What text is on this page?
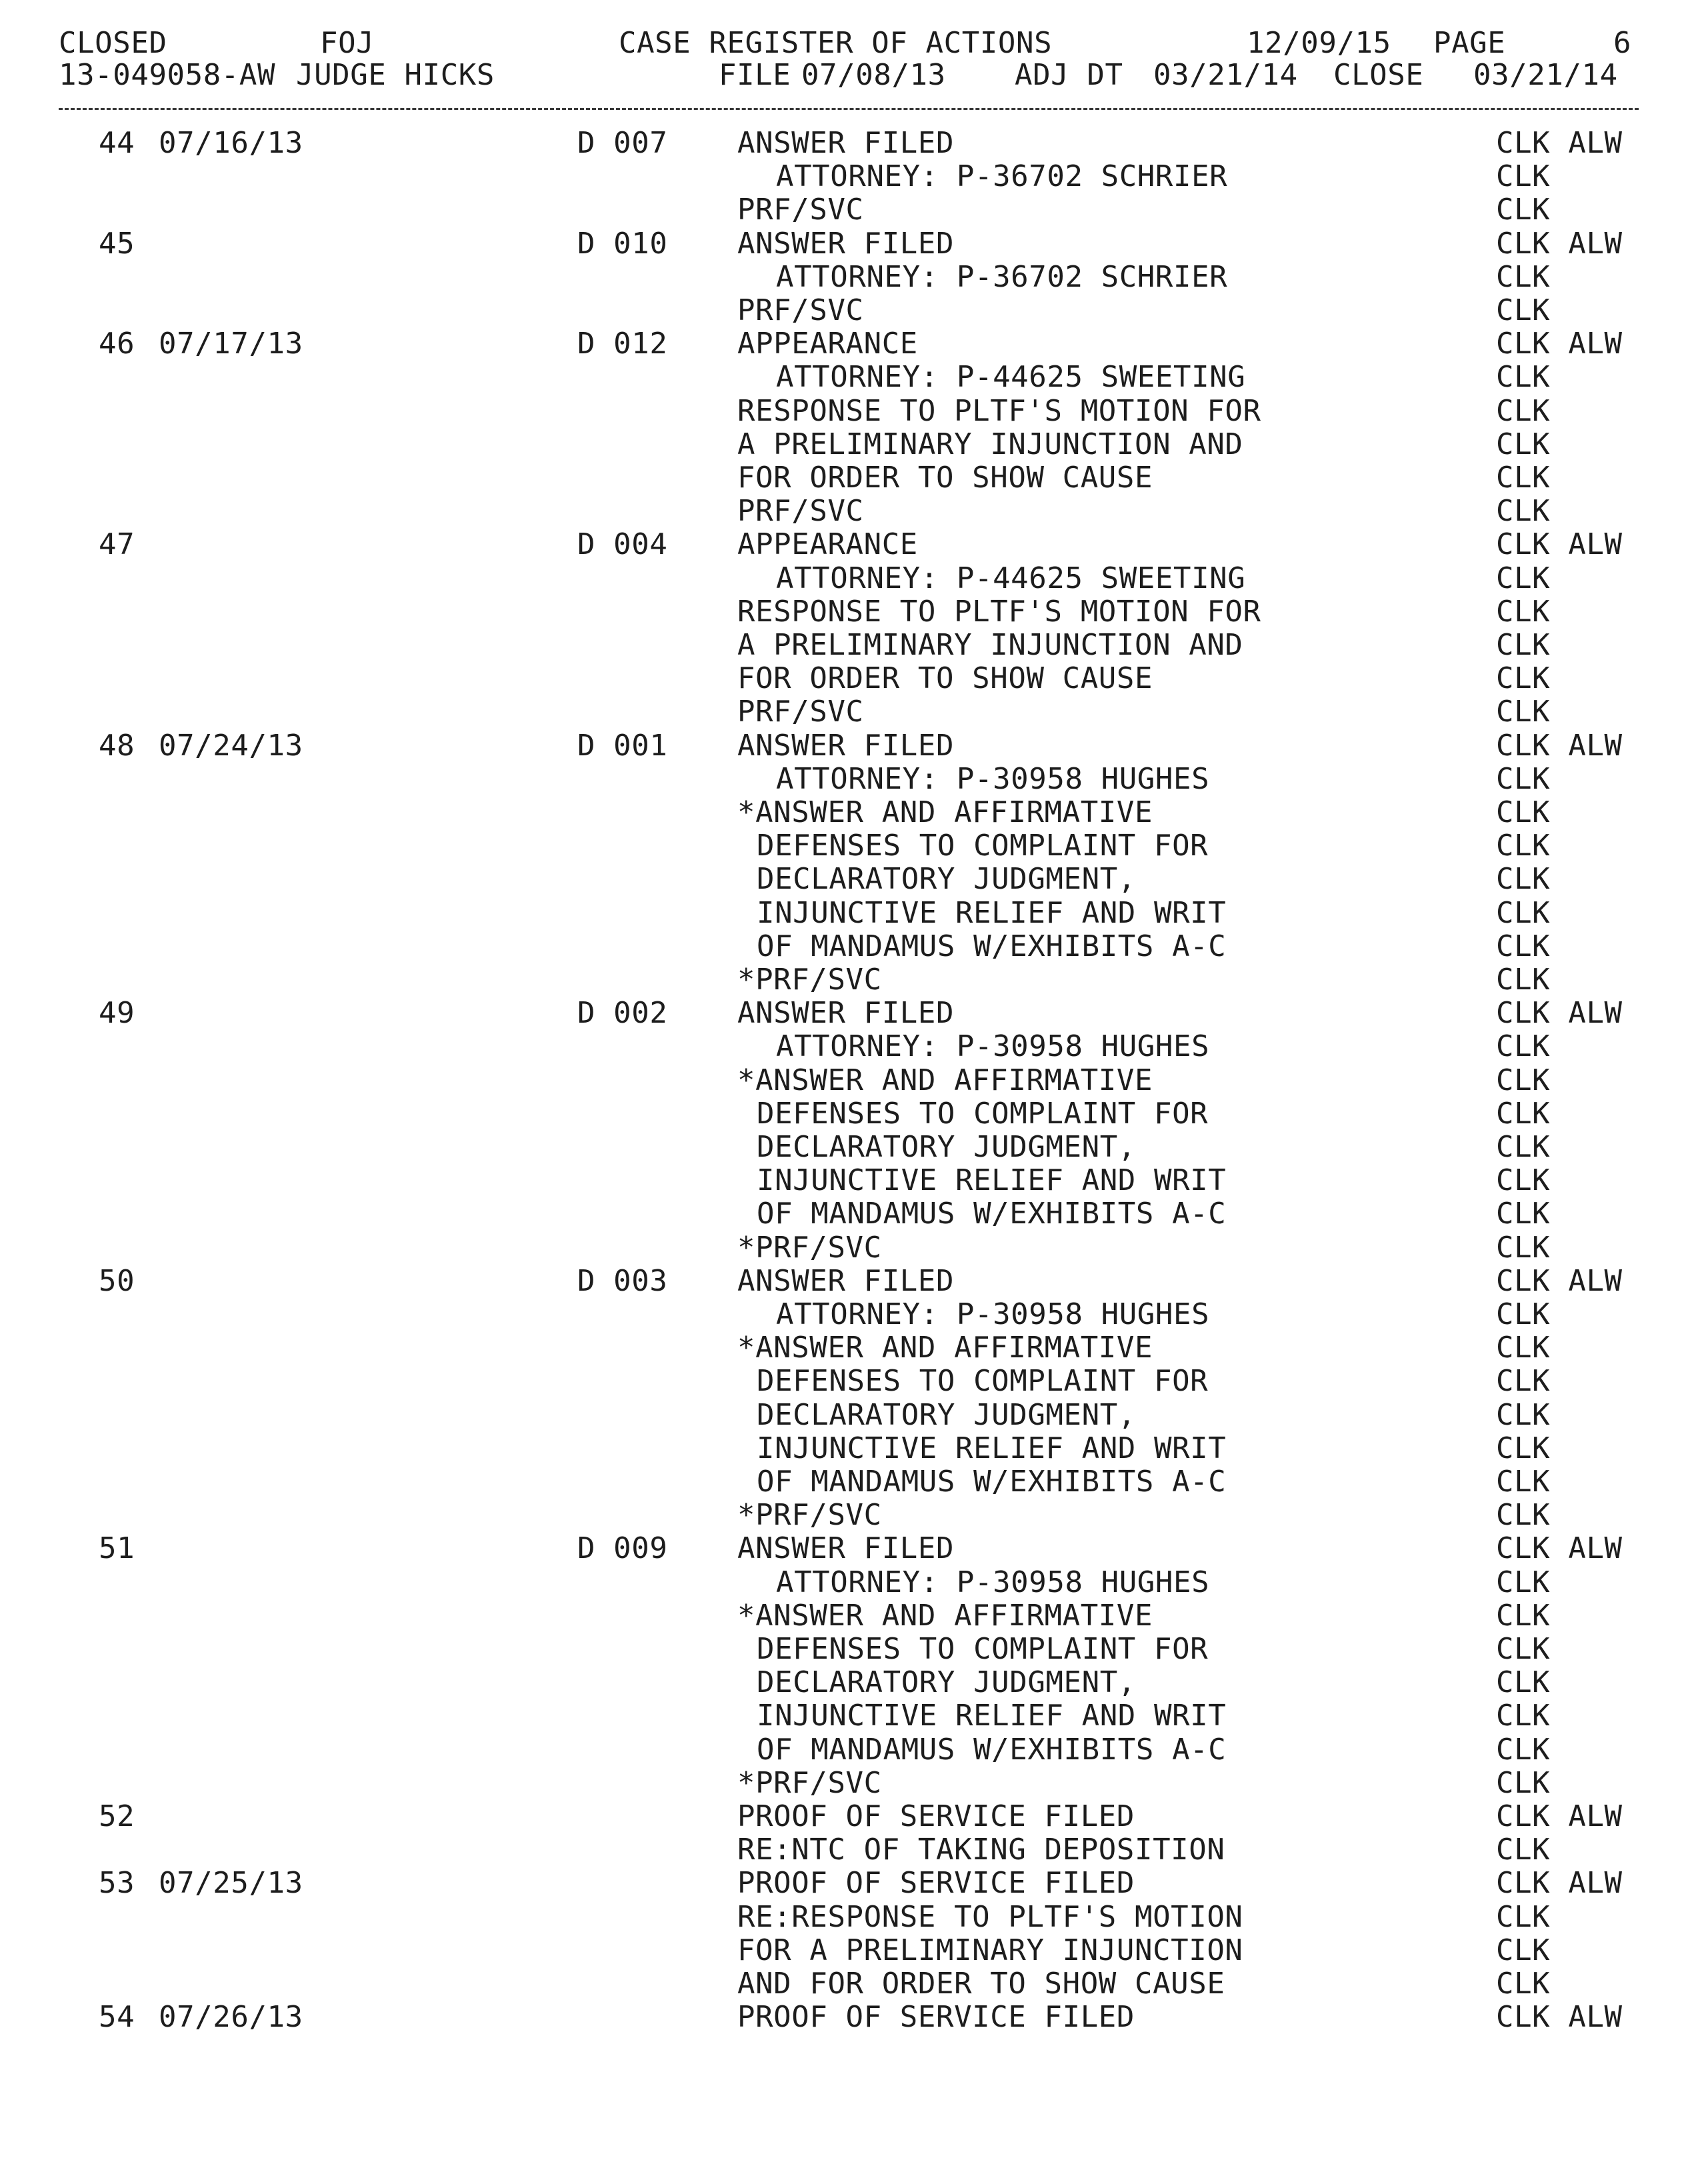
CLOSED	FOJ	CASE REGISTER OF ACTIONS	12/09/15 PAGE	6
13-049058-AW JUDGE HICKS	FILE 07/08/13 ADJ DT 03/21/14 CLOSE 03/21/14
44 07/16/13	D 007 ANSWER FILED	CLK ALW
ATTORNEY: P-36702 SCHRIER	CLK
PRF/SVC	CLK
45	D 010 ANSWER FILED	CLK ALW
ATTORNEY: P-36702 SCHRIER	CLK
PRF/SVC	CLK
46 07/17/13	D 012 APPEARANCE	CLK ALW
ATTORNEY: P-44625 SWEETING	CLK
RESPONSE TO PLTF'S MOTION FOR	CLK
A PRELIMINARY INJUNCTION AND	CLK
FOR ORDER TO SHOW CAUSE	CLK
PRF/SVC	CLK
47	D 004 APPEARANCE	CLK ALW
ATTORNEY: P-44625 SWEETING	CLK
RESPONSE TO PLTF'S MOTION FOR	CLK
A PRELIMINARY INJUNCTION AND	CLK
FOR ORDER TO SHOW CAUSE	CLK
PRF/SVC	CLK
48 07/24/13	D 001 ANSWER FILED	CLK ALW
ATTORNEY: P-30958 HUGHES	CLK
*ANSWER AND AFFIRMATIVE	CLK
DEFENSES TO COMPLAINT FOR	CLK
DECLARATORY JUDGMENT,	CLK
INJUNCTIVE RELIEF AND WRIT	CLK
OF MANDAMUS W/EXHIBITS A-C	CLK
*PRF/SVC	CLK
49	D 002 ANSWER FILED	CLK ALW
ATTORNEY: P-30958 HUGHES	CLK
*ANSWER AND AFFIRMATIVE	CLK
DEFENSES TO COMPLAINT FOR	CLK
DECLARATORY JUDGMENT,	CLK
INJUNCTIVE RELIEF AND WRIT	CLK
OF MANDAMUS W/EXHIBITS A-C	CLK
*PRF/SVC	CLK
50	D 003 ANSWER FILED	CLK ALW
ATTORNEY: P-30958 HUGHES	CLK
*ANSWER AND AFFIRMATIVE	CLK
DEFENSES TO COMPLAINT FOR	CLK
DECLARATORY JUDGMENT,	CLK
INJUNCTIVE RELIEF AND WRIT	CLK
OF MANDAMUS W/EXHIBITS A-C	CLK
*PRF/SVC	CLK
51	D 009 ANSWER FILED	CLK ALW
ATTORNEY: P-30958 HUGHES	CLK
*ANSWER AND AFFIRMATIVE	CLK
DEFENSES TO COMPLAINT FOR	CLK
DECLARATORY JUDGMENT,	CLK
INJUNCTIVE RELIEF AND WRIT	CLK
OF MANDAMUS W/EXHIBITS A-C	CLK
*PRF/SVC	CLK
52	PROOF OF SERVICE FILED	CLK ALW
RE:NTC OF TAKING DEPOSITION	CLK
53 07/25/13	PROOF OF SERVICE FILED	CLK ALW
RE:RESPONSE TO PLTF'S MOTION	CLK
FOR A PRELIMINARY INJUNCTION	CLK
AND FOR ORDER TO SHOW CAUSE	CLK
54 07/26/13	PROOF OF SERVICE FILED	CLK ALW
